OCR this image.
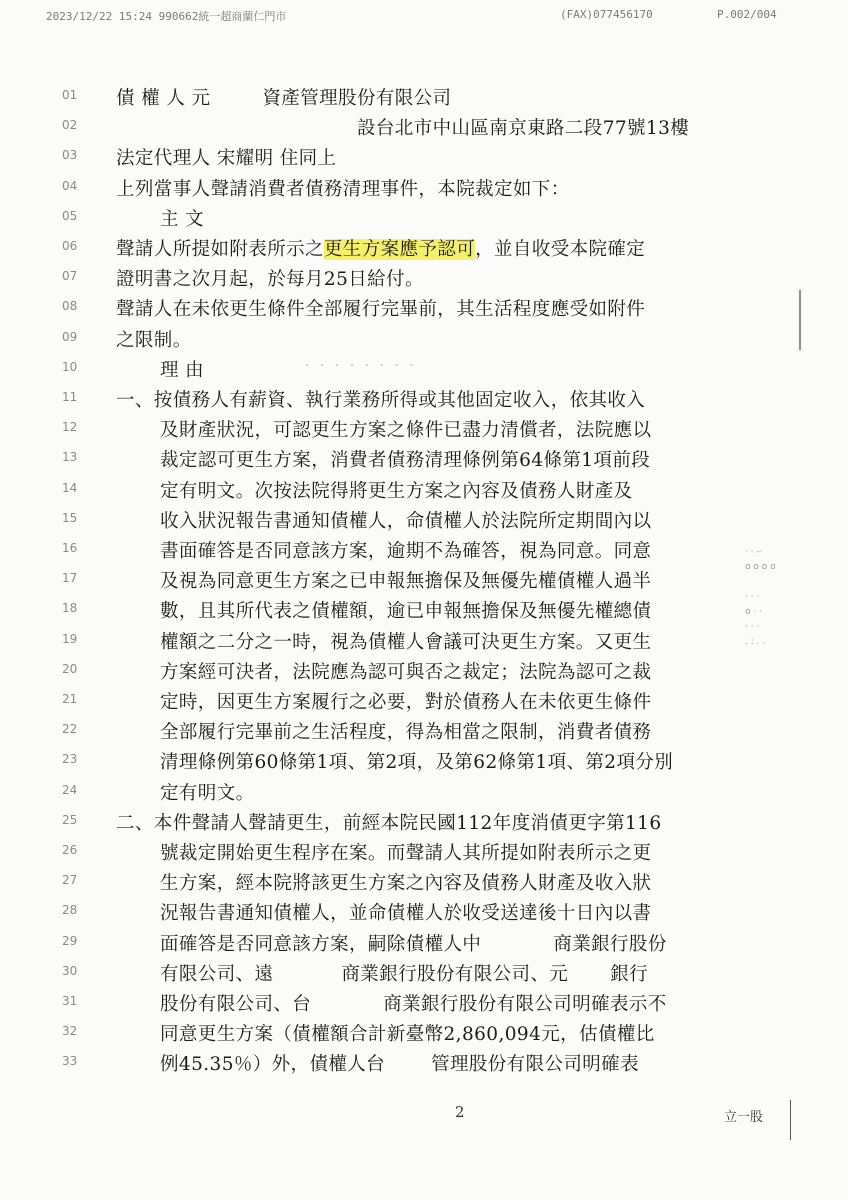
2023/12/22 15:24 990662統一超商蘭仁門市	(FAX)077456170	P.002/004
· · · · · · · ·
· · -·
o o o o

· · ·
o · ·
· · ·
. : . .
01	債 權 人 元	資產管理股份有限公司
02	設台北市中山區南京東路二段77號13樓
03	法定代理人 宋耀明 住同上
04	上列當事人聲請消費者債務清理事件，本院裁定如下：
05	主 文
06	聲請人所提如附表所示之更生方案應予認可，並自收受本院確定
07	證明書之次月起，於每月25日給付。
08	聲請人在未依更生條件全部履行完畢前，其生活程度應受如附件
09	之限制。
10	理 由
11	一、按債務人有薪資、執行業務所得或其他固定收入，依其收入
12	及財產狀況，可認更生方案之條件已盡力清償者，法院應以
13	裁定認可更生方案，消費者債務清理條例第64條第1項前段
14	定有明文。次按法院得將更生方案之內容及債務人財產及
15	收入狀況報告書通知債權人，命債權人於法院所定期間內以
16	書面確答是否同意該方案，逾期不為確答，視為同意。同意
17	及視為同意更生方案之已申報無擔保及無優先權債權人過半
18	數，且其所代表之債權額，逾已申報無擔保及無優先權總債
19	權額之二分之一時，視為債權人會議可決更生方案。又更生
20	方案經可決者，法院應為認可與否之裁定；法院為認可之裁
21	定時，因更生方案履行之必要，對於債務人在未依更生條件
22	全部履行完畢前之生活程度，得為相當之限制，消費者債務
23	清理條例第60條第1項、第2項，及第62條第1項、第2項分別
24	定有明文。
25	二、本件聲請人聲請更生，前經本院民國112年度消債更字第116
26	號裁定開始更生程序在案。而聲請人其所提如附表所示之更
27	生方案，經本院將該更生方案之內容及債務人財產及收入狀
28	況報告書通知債權人，並命債權人於收受送達後十日內以書
29	面確答是否同意該方案，嗣除債權人中	商業銀行股份
30	有限公司、遠	商業銀行股份有限公司、元 銀行
31	股份有限公司、台	商業銀行股份有限公司明確表示不
32	同意更生方案（債權額合計新臺幣2,860,094元，估債權比
33	例45.35％）外，債權人台 管理股份有限公司明確表
2	立一股
